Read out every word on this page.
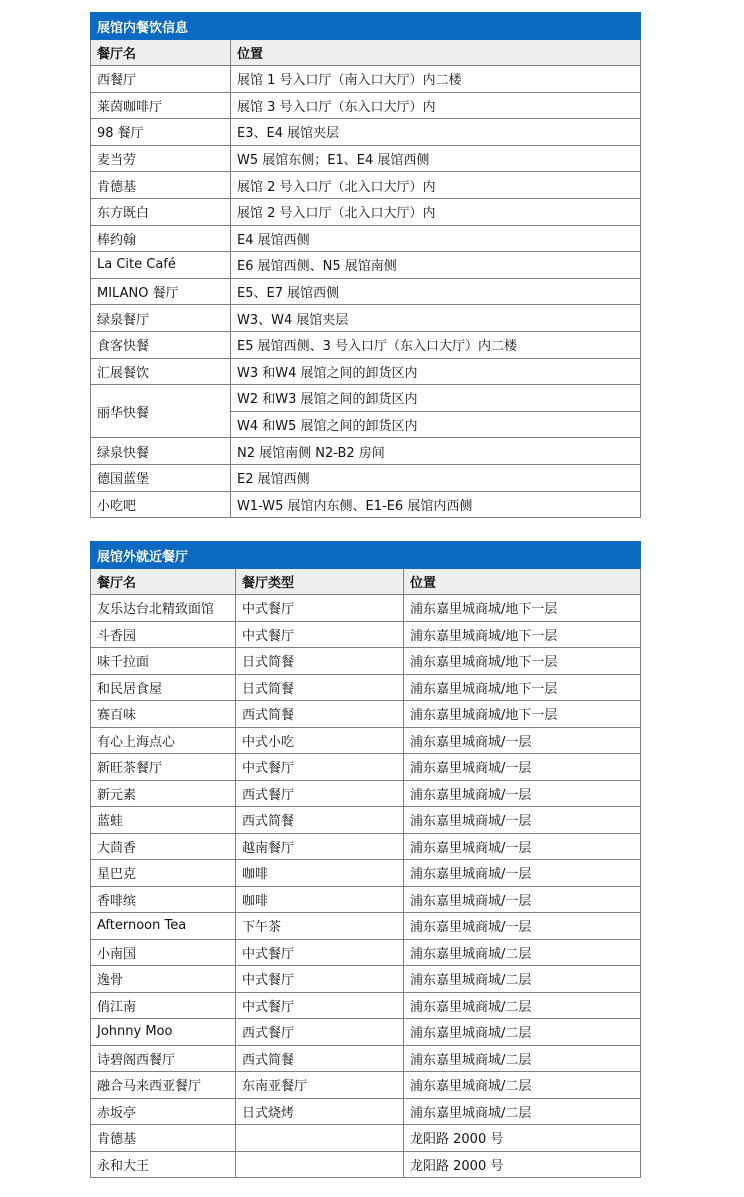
展馆内餐饮信息	
餐厅名	位置
西餐厅	展馆 1 号入口厅（南入口大厅）内二楼
莱茵咖啡厅	展馆 3 号入口厅（东入口大厅）内
98 餐厅	E3、E4 展馆夹层
麦当劳	W5 展馆东侧；E1、E4 展馆西侧
肯德基	展馆 2 号入口厅（北入口大厅）内
东方既白	展馆 2 号入口厅（北入口大厅）内
棒约翰	E4 展馆西侧
La Cite Café	E6 展馆西侧、N5 展馆南侧
MILANO 餐厅	E5、E7 展馆西侧
绿泉餐厅	W3、W4 展馆夹层
食客快餐	E5 展馆西侧、3 号入口厅（东入口大厅）内二楼
汇展餐饮	W3 和W4 展馆之间的卸货区内
丽华快餐	W2 和W3 展馆之间的卸货区内
	W4 和W5 展馆之间的卸货区内
绿泉快餐	N2 展馆南侧 N2-B2 房间
德国蓝堡	E2 展馆西侧
小吃吧	W1-W5 展馆内东侧、E1-E6 展馆内西侧
展馆外就近餐厅		
餐厅名	餐厅类型	位置
友乐达台北精致面馆	中式餐厅	浦东嘉里城商城/地下一层
斗香园	中式餐厅	浦东嘉里城商城/地下一层
味千拉面	日式简餐	浦东嘉里城商城/地下一层
和民居食屋	日式简餐	浦东嘉里城商城/地下一层
赛百味	西式简餐	浦东嘉里城商城/地下一层
有心上海点心	中式小吃	浦东嘉里城商城/一层
新旺茶餐厅	中式餐厅	浦东嘉里城商城/一层
新元素	西式餐厅	浦东嘉里城商城/一层
蓝蛙	西式简餐	浦东嘉里城商城/一层
大茴香	越南餐厅	浦东嘉里城商城/一层
星巴克	咖啡	浦东嘉里城商城/一层
香啡缤	咖啡	浦东嘉里城商城/一层
Afternoon Tea	下午茶	浦东嘉里城商城/一层
小南国	中式餐厅	浦东嘉里城商城/二层
逸骨	中式餐厅	浦东嘉里城商城/二层
俏江南	中式餐厅	浦东嘉里城商城/二层
Johnny Moo	西式餐厅	浦东嘉里城商城/二层
诗碧阁西餐厅	西式简餐	浦东嘉里城商城/二层
融合马来西亚餐厅	东南亚餐厅	浦东嘉里城商城/二层
赤坂亭	日式烧烤	浦东嘉里城商城/二层
肯德基		龙阳路 2000 号
永和大王		龙阳路 2000 号
